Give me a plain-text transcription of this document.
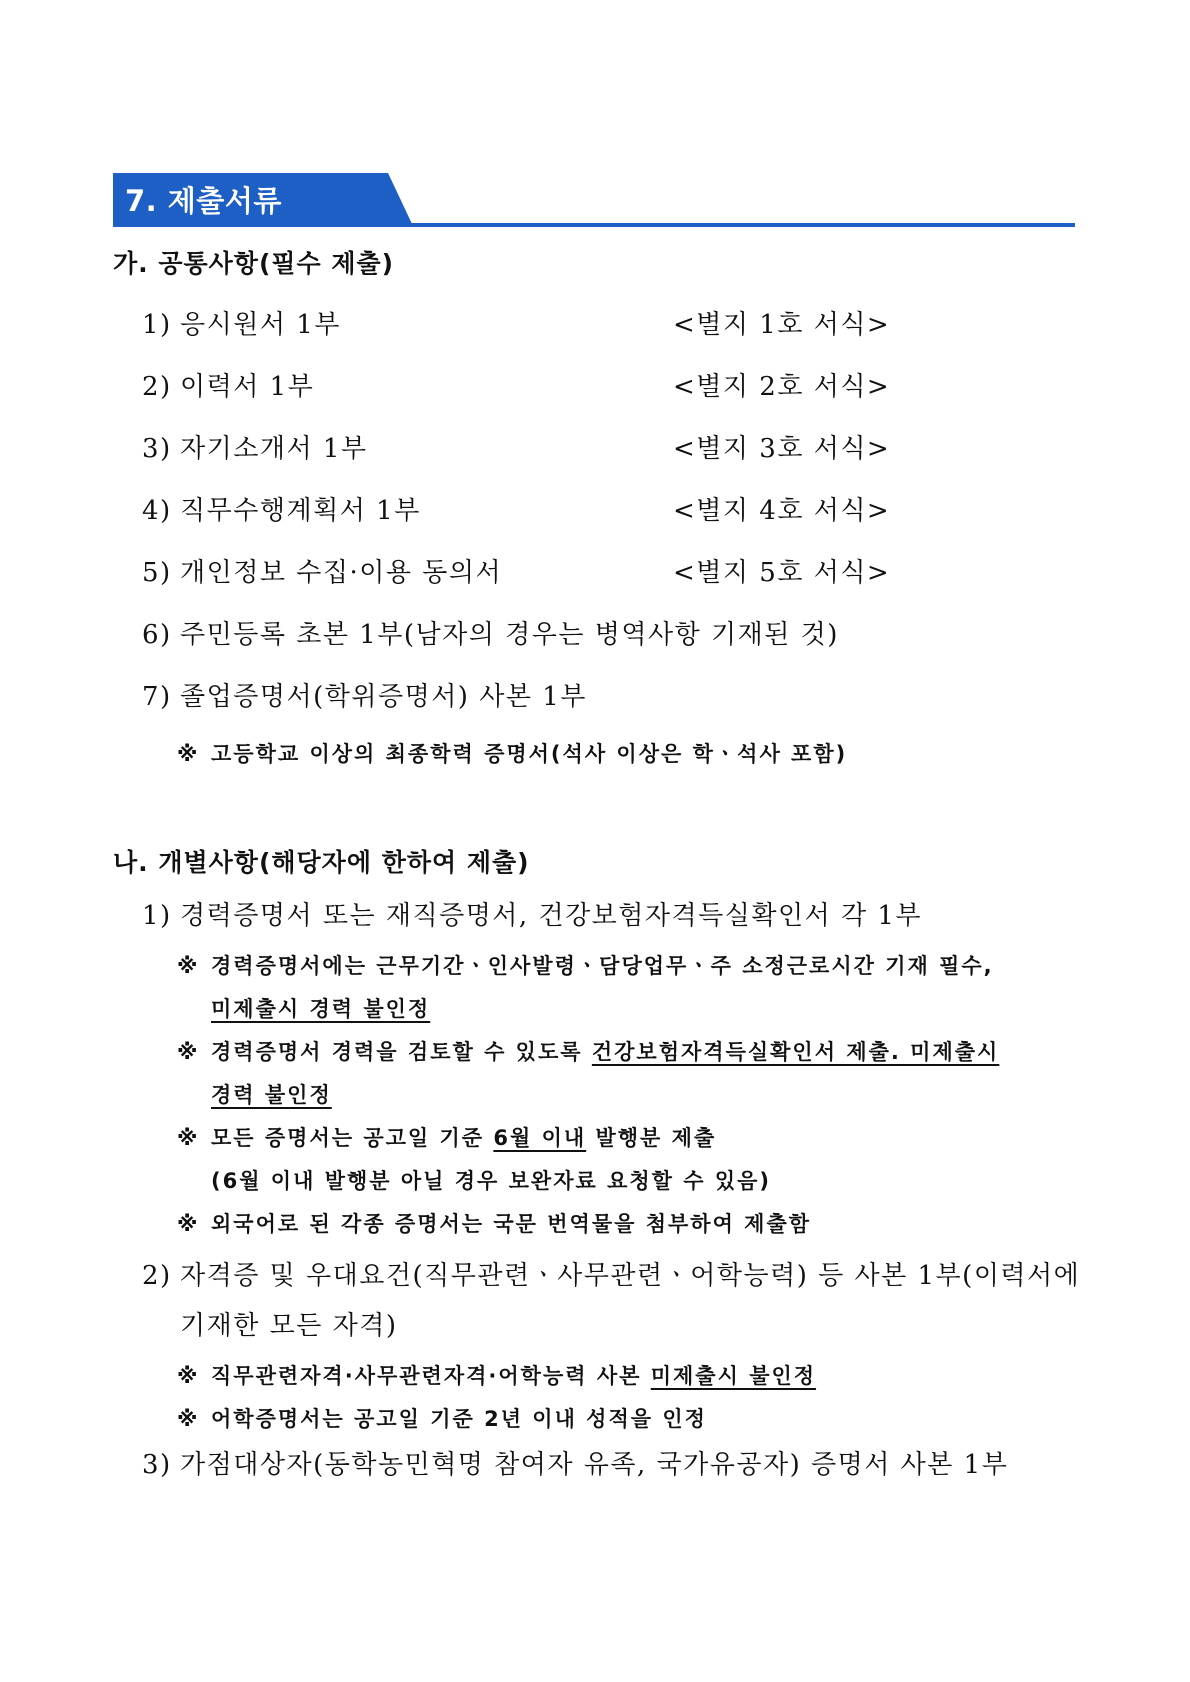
7. 제출서류
가. 공통사항(필수 제출)
1) 응시원서 1부	<별지 1호 서식>
2) 이력서 1부	<별지 2호 서식>
3) 자기소개서 1부	<별지 3호 서식>
4) 직무수행계획서 1부	<별지 4호 서식>
5) 개인정보 수집·이용 동의서	<별지 5호 서식>
6) 주민등록 초본 1부(남자의 경우는 병역사항 기재된 것)
7) 졸업증명서(학위증명서) 사본 1부
※ 고등학교 이상의 최종학력 증명서(석사 이상은 학ㆍ석사 포함)
나. 개별사항(해당자에 한하여 제출)
1) 경력증명서 또는 재직증명서, 건강보험자격득실확인서 각 1부
※ 경력증명서에는 근무기간ㆍ인사발령ㆍ담당업무ㆍ주 소정근로시간 기재 필수,
미제출시 경력 불인정
※ 경력증명서 경력을 검토할 수 있도록 건강보험자격득실확인서 제출. 미제출시
경력 불인정
※ 모든 증명서는 공고일 기준 6월 이내 발행분 제출
(6월 이내 발행분 아닐 경우 보완자료 요청할 수 있음)
※ 외국어로 된 각종 증명서는 국문 번역물을 첨부하여 제출함
2) 자격증 및 우대요건(직무관련ㆍ사무관련ㆍ어학능력) 등 사본 1부(이력서에
기재한 모든 자격)
※ 직무관련자격·사무관련자격·어학능력 사본 미제출시 불인정
※ 어학증명서는 공고일 기준 2년 이내 성적을 인정
3) 가점대상자(동학농민혁명 참여자 유족, 국가유공자) 증명서 사본 1부
